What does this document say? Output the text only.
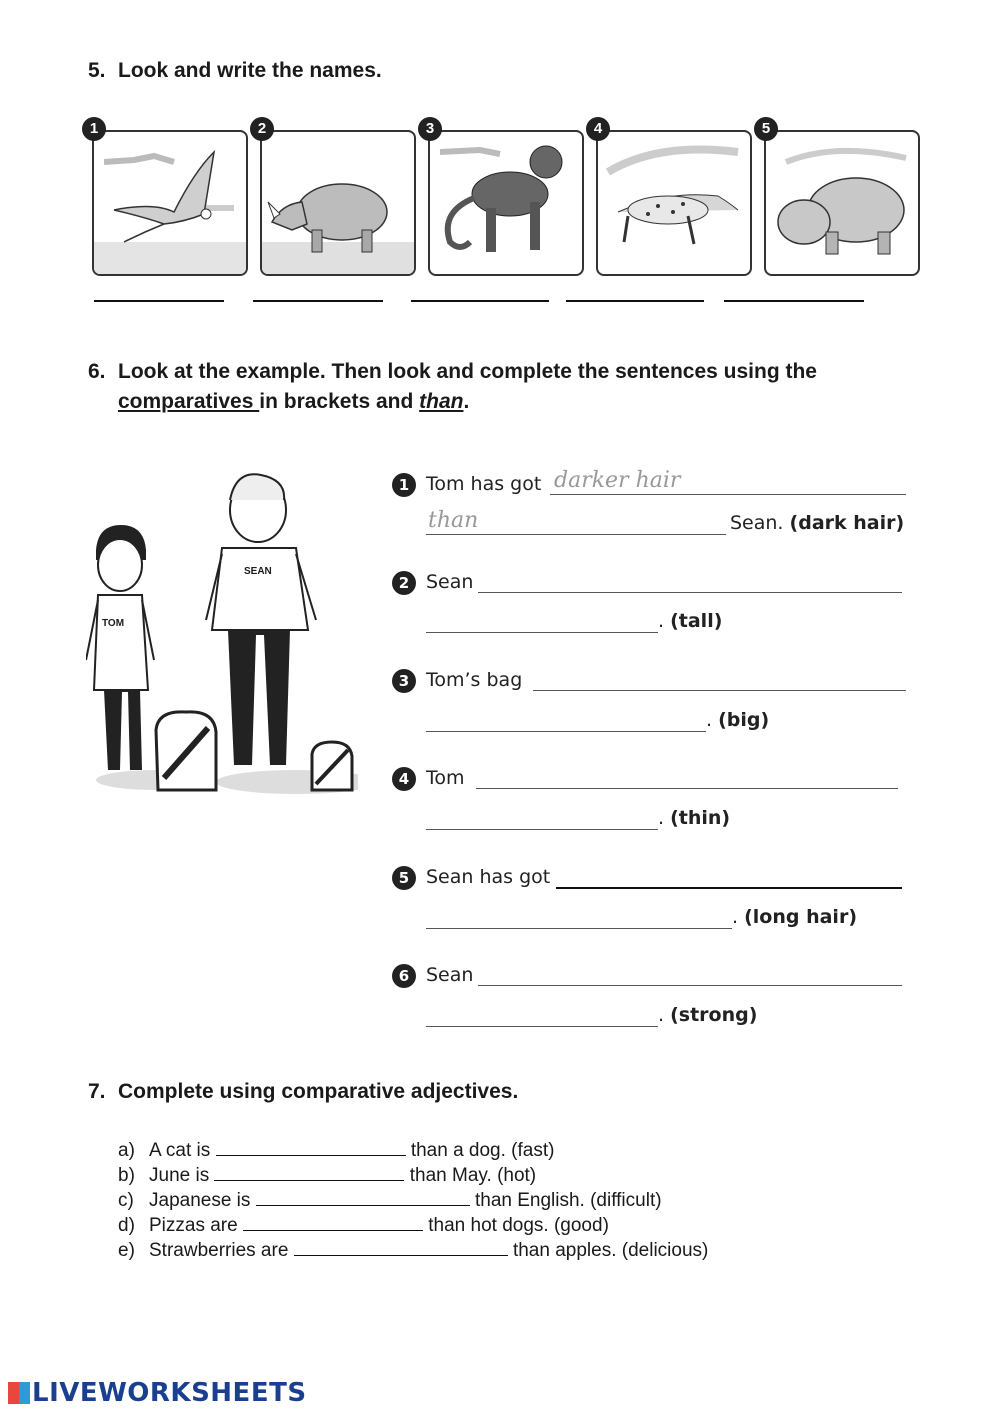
5. Look and write the names.
1	2	3	4	5
6. Look at the example. Then look and complete the sentences using the
comparatives in brackets and than.
TOM
SEAN
1 Tom has got darker hair
than	Sean. (dark hair)
2 Sean
. (tall)
3 Tom’s bag
. (big)
4 Tom
. (thin)
5 Sean has got
. (long hair)
6 Sean
. (strong)
7. Complete using comparative adjectives.
a) A cat is	than a dog. (fast)
b) June is	than May. (hot)
c) Japanese is	than English. (difficult)
d) Pizzas are	than hot dogs. (good)
e) Strawberries are	than apples. (delicious)
LIVEWORKSHEETS
